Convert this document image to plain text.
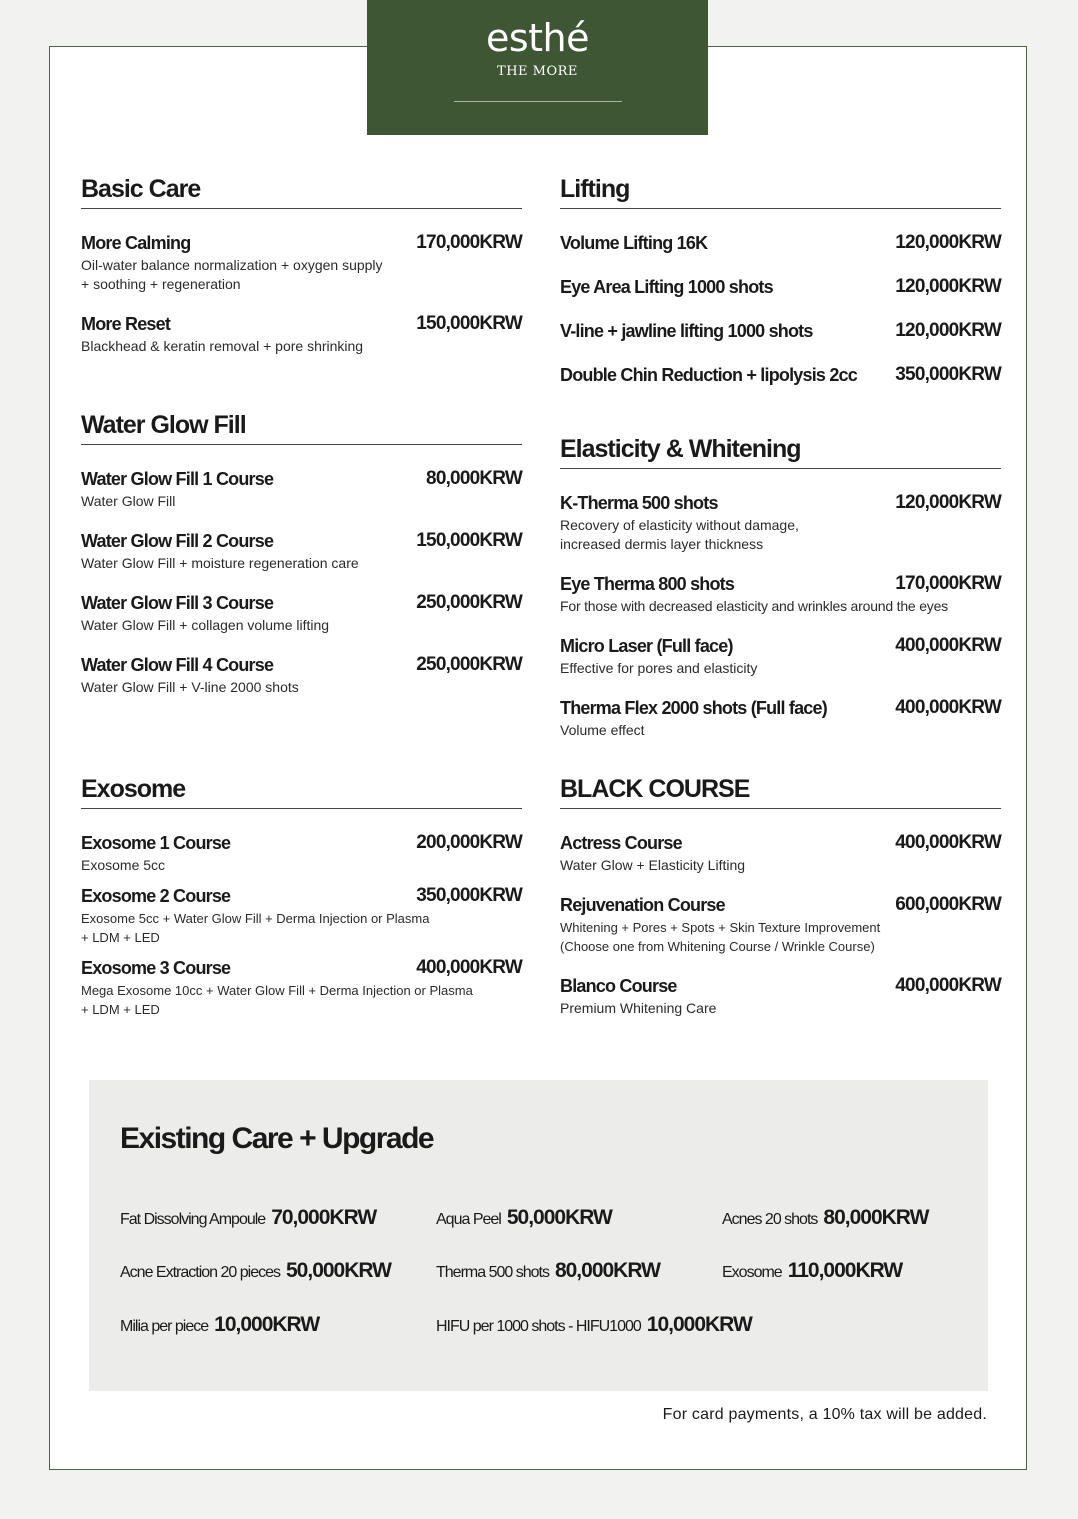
esthé
THE MORE
Basic Care
More Calming	170,000KRW
Oil-water balance normalization + oxygen supply
+ soothing + regeneration
More Reset	150,000KRW
Blackhead & keratin removal + pore shrinking
Water Glow Fill
Water Glow Fill 1 Course	80,000KRW
Water Glow Fill
Water Glow Fill 2 Course	150,000KRW
Water Glow Fill + moisture regeneration care
Water Glow Fill 3 Course	250,000KRW
Water Glow Fill + collagen volume lifting
Water Glow Fill 4 Course	250,000KRW
Water Glow Fill + V-line 2000 shots
Exosome
Exosome 1 Course	200,000KRW
Exosome 5cc
Exosome 2 Course	350,000KRW
Exosome 5cc + Water Glow Fill + Derma Injection or Plasma
+ LDM + LED
Exosome 3 Course	400,000KRW
Mega Exosome 10cc + Water Glow Fill + Derma Injection or Plasma
+ LDM + LED
Lifting
Volume Lifting 16K	120,000KRW
Eye Area Lifting 1000 shots	120,000KRW
V-line + jawline lifting 1000 shots	120,000KRW
Double Chin Reduction + lipolysis 2cc 350,000KRW
Elasticity & Whitening
K-Therma 500 shots	120,000KRW
Recovery of elasticity without damage,
increased dermis layer thickness
Eye Therma 800 shots	170,000KRW
For those with decreased elasticity and wrinkles around the eyes
Micro Laser (Full face)	400,000KRW
Effective for pores and elasticity
Therma Flex 2000 shots (Full face)	400,000KRW
Volume effect
BLACK COURSE
Actress Course	400,000KRW
Water Glow + Elasticity Lifting
Rejuvenation Course	600,000KRW
Whitening + Pores + Spots + Skin Texture Improvement
(Choose one from Whitening Course / Wrinkle Course)
Blanco Course	400,000KRW
Premium Whitening Care
Existing Care + Upgrade
Fat Dissolving Ampoule 70,000KRW	Aqua Peel 50,000KRW	Acnes 20 shots 80,000KRW
Acne Extraction 20 pieces 50,000KRW	Therma 500 shots 80,000KRW	Exosome 110,000KRW
Milia per piece 10,000KRW	HIFU per 1000 shots - HIFU1000 10,000KRW
For card payments, a 10% tax will be added.
